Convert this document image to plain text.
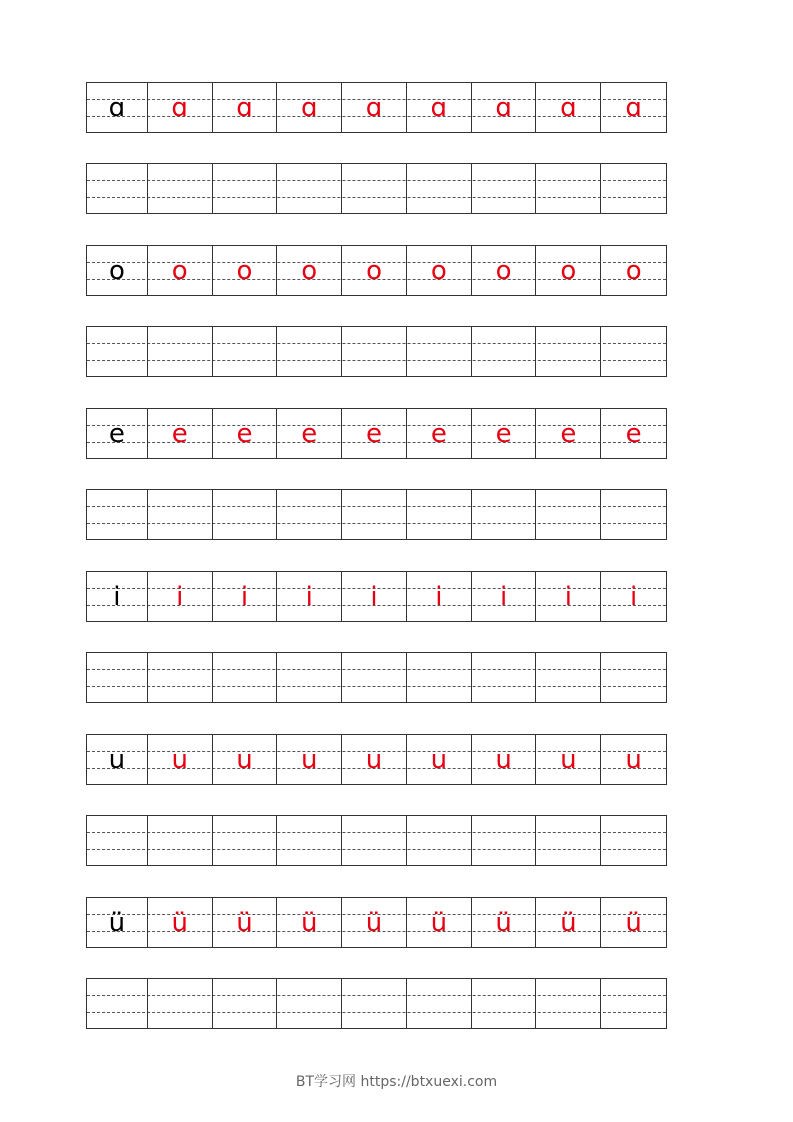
ɑ	ɑ	ɑ	ɑ	ɑ	ɑ	ɑ	ɑ	ɑ
o	o	o	o	o	o	o	o	o
e	e	e	e	e	e	e	e	e
i	i	i	i	i	i	i	i	i
u	u	u	u	u	u	u	u	u
ü	ü	ü	ü	ü	ü	ü	ü	ü
BT学习网 https://btxuexi.com
